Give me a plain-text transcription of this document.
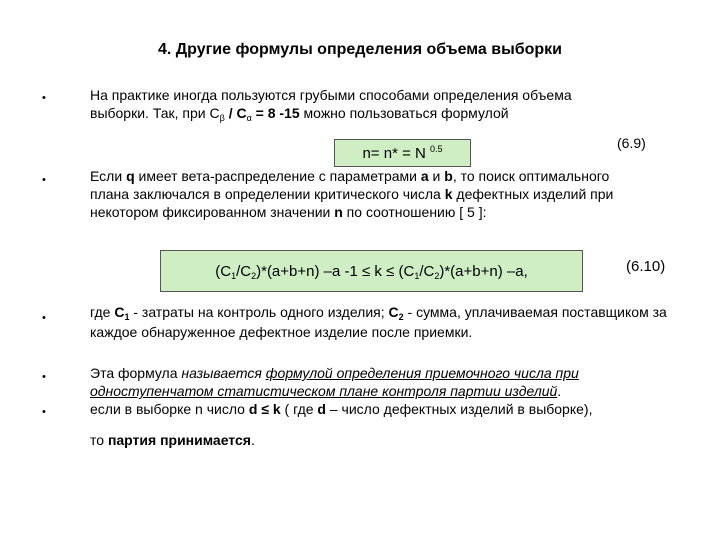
4. Другие формулы определения объема выборки
•	На практике иногда пользуются грубыми способами определения объема
выборки. Так, при $C_\beta / C_\alpha = 8$ -15 можно пользоваться формулой
n= n* = N $^{0.5}$	(6.9)
•	Если q имеет вета-распределение с параметрами a и b, то поиск оптимального плана заключался в определении критического числа k дефектных изделий при некотором фиксированном значении n по соотношению [ 5 ]:
$(C_1/C_2)*(a+b+n)$ –a $-1 \le k \le (C_1/C_2)*(a+b+n)$ –a,	(6.10)
•	где $C_1$ - затраты на контроль одного изделия; $C_2$ - сумма, уплачиваемая поставщиком за каждое обнаруженное дефектное изделие после приемки.
•	Эта формула называется формулой определения приемочного числа при одноступенчатом статистическом плане контроля партии изделий.
•	если в выборке n число d ≤ k ( где d – число дефектных изделий в выборке),
то партия принимается.
